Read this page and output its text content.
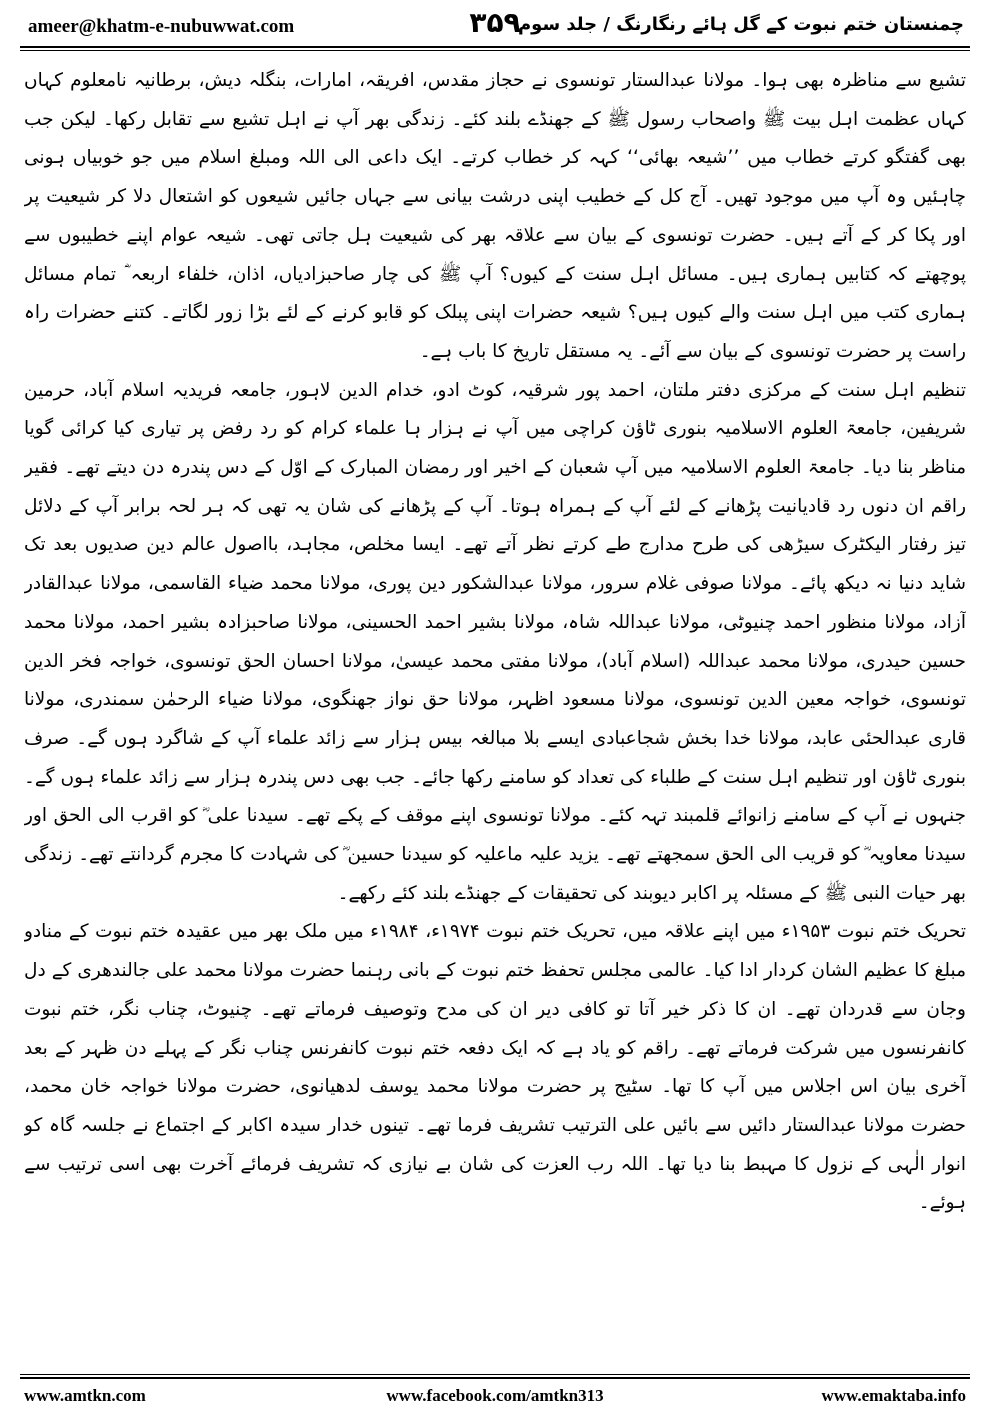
ameer@khatm-e-nubuwwat.com	۳۵۹
چمنستان ختم نبوت کے گل ہائے رنگارنگ / جلد سوم

تشیع سے مناظرہ بھی ہوا۔ مولانا عبدالستار تونسوی نے حجاز مقدس، افریقہ، امارات، بنگلہ دیش، برطانیہ نامعلوم کہاں کہاں عظمت اہل بیت ﷺ واصحاب رسول ﷺ کے جھنڈے بلند کئے۔ زندگی بھر آپ نے اہل تشیع سے تقابل رکھا۔ لیکن جب بھی گفتگو کرتے خطاب میں ’’شیعہ بھائی‘‘ کہہ کر خطاب کرتے۔ ایک داعی الی اللہ ومبلغ اسلام میں جو خوبیاں ہونی چاہئیں وہ آپ میں موجود تھیں۔ آج کل کے خطیب اپنی درشت بیانی سے جہاں جائیں شیعوں کو اشتعال دلا کر شیعیت پر اور پکا کر کے آتے ہیں۔ حضرت تونسوی کے بیان سے علاقہ بھر کی شیعیت ہل جاتی تھی۔ شیعہ عوام اپنے خطیبوں سے پوچھتے کہ کتابیں ہماری ہیں۔ مسائل اہل سنت کے کیوں؟ آپ ﷺ کی چار صاحبزادیاں، اذان، خلفاء اربعہ ؓ تمام مسائل ہماری کتب میں اہل سنت والے کیوں ہیں؟ شیعہ حضرات اپنی پبلک کو قابو کرنے کے لئے بڑا زور لگاتے۔ کتنے حضرات راہ راست پر حضرت تونسوی کے بیان سے آئے۔ یہ مستقل تاریخ کا باب ہے۔

تنظیم اہل سنت کے مرکزی دفتر ملتان، احمد پور شرقیہ، کوٹ ادو، خدام الدین لاہور، جامعہ فریدیہ اسلام آباد، حرمین شریفین، جامعۃ العلوم الاسلامیہ بنوری ٹاؤن کراچی میں آپ نے ہزار ہا علماء کرام کو رد رفض پر تیاری کیا کرائی گویا مناظر بنا دیا۔ جامعۃ العلوم الاسلامیہ میں آپ شعبان کے اخیر اور رمضان المبارک کے اوّل کے دس پندرہ دن دیتے تھے۔ فقیر راقم ان دنوں رد قادیانیت پڑھانے کے لئے آپ کے ہمراہ ہوتا۔ آپ کے پڑھانے کی شان یہ تھی کہ ہر لحہ برابر آپ کے دلائل تیز رفتار الیکٹرک سیڑھی کی طرح مدارج طے کرتے نظر آتے تھے۔ ایسا مخلص، مجاہد، بااصول عالم دین صدیوں بعد تک شاید دنیا نہ دیکھ پائے۔ مولانا صوفی غلام سرور، مولانا عبدالشکور دین پوری، مولانا محمد ضیاء القاسمی، مولانا عبدالقادر آزاد، مولانا منظور احمد چنیوٹی، مولانا عبداللہ شاہ، مولانا بشیر احمد الحسینی، مولانا صاحبزادہ بشیر احمد، مولانا محمد حسین حیدری، مولانا محمد عبداللہ (اسلام آباد)، مولانا مفتی محمد عیسیٰ، مولانا احسان الحق تونسوی، خواجہ فخر الدین تونسوی، خواجہ معین الدین تونسوی، مولانا مسعود اظہر، مولانا حق نواز جھنگوی، مولانا ضیاء الرحمٰن سمندری، مولانا قاری عبدالحئی عابد، مولانا خدا بخش شجاعبادی ایسے بلا مبالغہ بیس ہزار سے زائد علماء آپ کے شاگرد ہوں گے۔ صرف بنوری ٹاؤن اور تنظیم اہل سنت کے طلباء کی تعداد کو سامنے رکھا جائے۔ جب بھی دس پندرہ ہزار سے زائد علماء ہوں گے۔ جنہوں نے آپ کے سامنے زانوائے قلمبند تہہ کئے۔ مولانا تونسوی اپنے موقف کے پکے تھے۔ سیدنا علی ؓ کو اقرب الی الحق اور سیدنا معاویہ ؓ کو قریب الی الحق سمجھتے تھے۔ یزید علیہ ماعلیہ کو سیدنا حسین ؓ کی شہادت کا مجرم گردانتے تھے۔ زندگی بھر حیات النبی ﷺ کے مسئلہ پر اکابر دیوبند کی تحقیقات کے جھنڈے بلند کئے رکھے۔

تحریک ختم نبوت ۱۹۵۳ء میں اپنے علاقہ میں، تحریک ختم نبوت ۱۹۷۴ء، ۱۹۸۴ء میں ملک بھر میں عقیدہ ختم نبوت کے منادو مبلغ کا عظیم الشان کردار ادا کیا۔ عالمی مجلس تحفظ ختم نبوت کے بانی رہنما حضرت مولانا محمد علی جالندھری کے دل وجان سے قدردان تھے۔ ان کا ذکر خیر آتا تو کافی دیر ان کی مدح وتوصیف فرماتے تھے۔ چنیوٹ، چناب نگر، ختم نبوت کانفرنسوں میں شرکت فرماتے تھے۔ راقم کو یاد ہے کہ ایک دفعہ ختم نبوت کانفرنس چناب نگر کے پہلے دن ظہر کے بعد آخری بیان اس اجلاس میں آپ کا تھا۔ سٹیج پر حضرت مولانا محمد یوسف لدھیانوی، حضرت مولانا خواجہ خان محمد، حضرت مولانا عبدالستار دائیں سے بائیں علی الترتیب تشریف فرما تھے۔ تینوں خدار سیدہ اکابر کے اجتماع نے جلسہ گاہ کو انوار الٰہی کے نزول کا مہبط بنا دیا تھا۔ اللہ رب العزت کی شان بے نیازی کہ تشریف فرمائے آخرت بھی اسی ترتیب سے ہوئے۔

www.amtkn.com	www.facebook.com/amtkn313	www.emaktaba.info
